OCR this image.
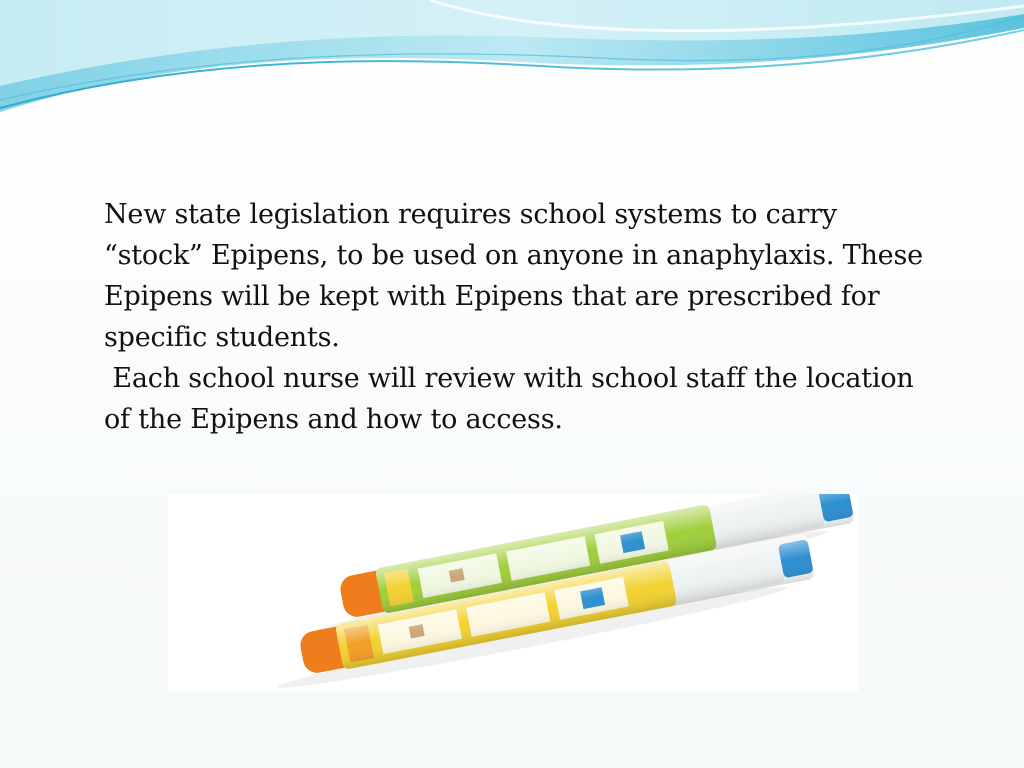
New state legislation requires school systems to carry “stock” Epipens, to be used on anyone in anaphylaxis. These Epipens will be kept with Epipens that are prescribed for specific students.

Each school nurse will review with school staff the location of the Epipens and how to access.
